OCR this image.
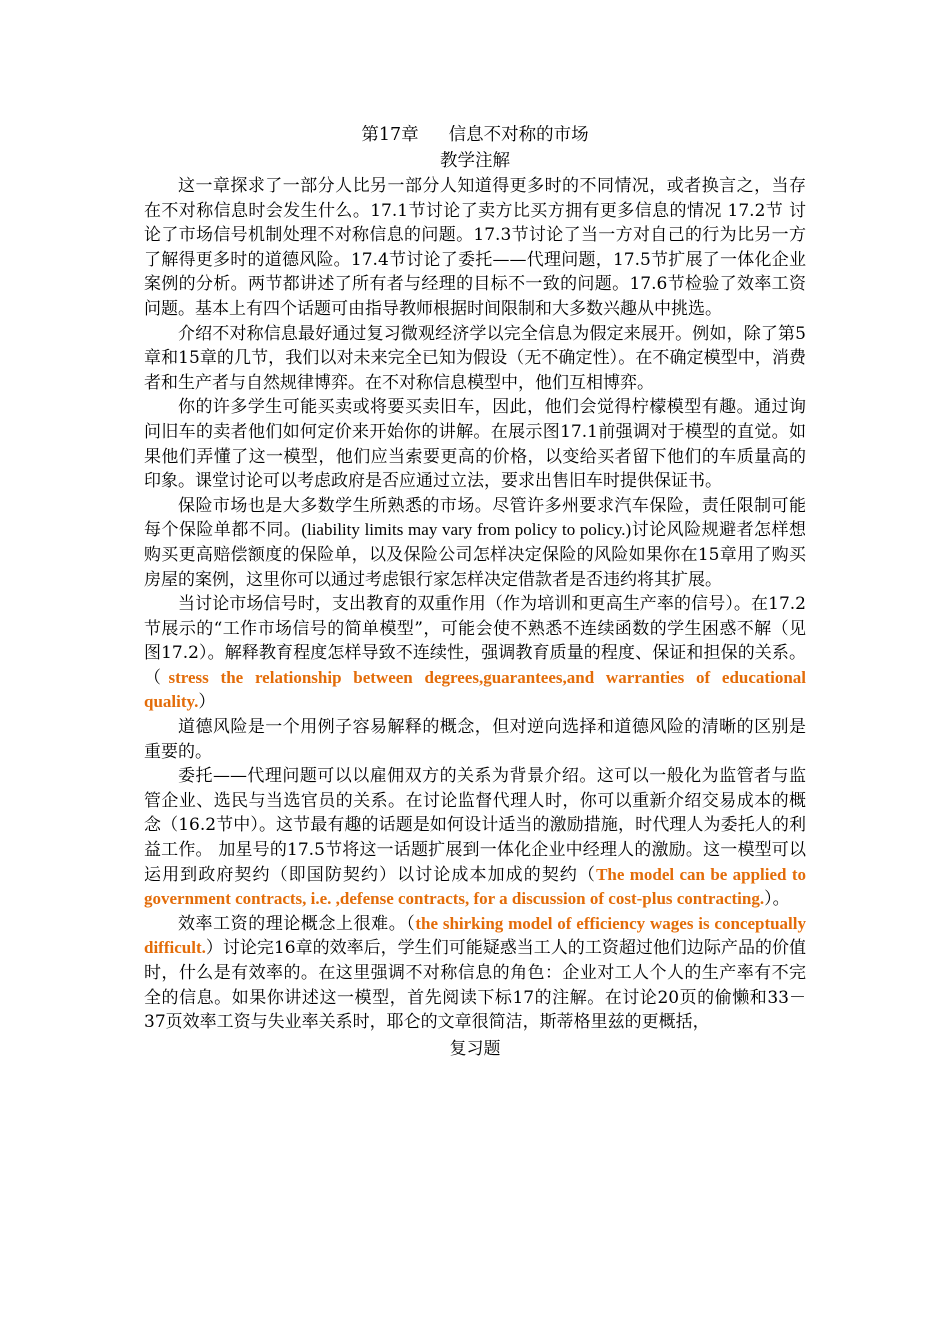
第17章 信息不对称的市场

教学注解

这一章探求了一部分人比另一部分人知道得更多时的不同情况，或者换言之，当存在不对称信息时会发生什么。17.1节讨论了卖方比买方拥有更多信息的情况 17.2节 讨论了市场信号机制处理不对称信息的问题。17.3节讨论了当一方对自己的行为比另一方了解得更多时的道德风险。17.4节讨论了委托——代理问题，17.5节扩展了一体化企业案例的分析。两节都讲述了所有者与经理的目标不一致的问题。17.6节检验了效率工资问题。基本上有四个话题可由指导教师根据时间限制和大多数兴趣从中挑选。

介绍不对称信息最好通过复习微观经济学以完全信息为假定来展开。例如，除了第5章和15章的几节，我们以对未来完全已知为假设（无不确定性）。在不确定模型中，消费者和生产者与自然规律博弈。在不对称信息模型中，他们互相博弈。

你的许多学生可能买卖或将要买卖旧车，因此，他们会觉得柠檬模型有趣。通过询问旧车的卖者他们如何定价来开始你的讲解。在展示图17.1前强调对于模型的直觉。如果他们弄懂了这一模型，他们应当索要更高的价格，以变给买者留下他们的车质量高的印象。课堂讨论可以考虑政府是否应通过立法，要求出售旧车时提供保证书。

保险市场也是大多数学生所熟悉的市场。尽管许多州要求汽车保险，责任限制可能每个保险单都不同。(liability limits may vary from policy to policy.)讨论风险规避者怎样想购买更高赔偿额度的保险单，以及保险公司怎样决定保险的风险如果你在15章用了购买房屋的案例，这里你可以通过考虑银行家怎样决定借款者是否违约将其扩展。

当讨论市场信号时，支出教育的双重作用（作为培训和更高生产率的信号）。在17.2节展示的“工作市场信号的简单模型”，可能会使不熟悉不连续函数的学生困惑不解（见图17.2）。解释教育程度怎样导致不连续性，强调教育质量的程度、保证和担保的关系。（stress the relationship between degrees,guarantees,and warranties of educational quality.）

道德风险是一个用例子容易解释的概念，但对逆向选择和道德风险的清晰的区别是重要的。

委托——代理问题可以以雇佣双方的关系为背景介绍。这可以一般化为监管者与监管企业、选民与当选官员的关系。在讨论监督代理人时，你可以重新介绍交易成本的概念（16.2节中）。这节最有趣的话题是如何设计适当的激励措施，时代理人为委托人的利益工作。 加星号的17.5节将这一话题扩展到一体化企业中经理人的激励。这一模型可以运用到政府契约（即国防契约）以讨论成本加成的契约（The model can be applied to government contracts, i.e. ,defense contracts, for a discussion of cost-plus contracting.）。

效率工资的理论概念上很难。（the shirking model of efficiency wages is conceptually difficult.）讨论完16章的效率后，学生们可能疑惑当工人的工资超过他们边际产品的价值时，什么是有效率的。在这里强调不对称信息的角色：企业对工人个人的生产率有不完全的信息。如果你讲述这一模型，首先阅读下标17的注解。在讨论20页的偷懒和33－37页效率工资与失业率关系时，耶仑的文章很简洁，斯蒂格里兹的更概括，

复习题
